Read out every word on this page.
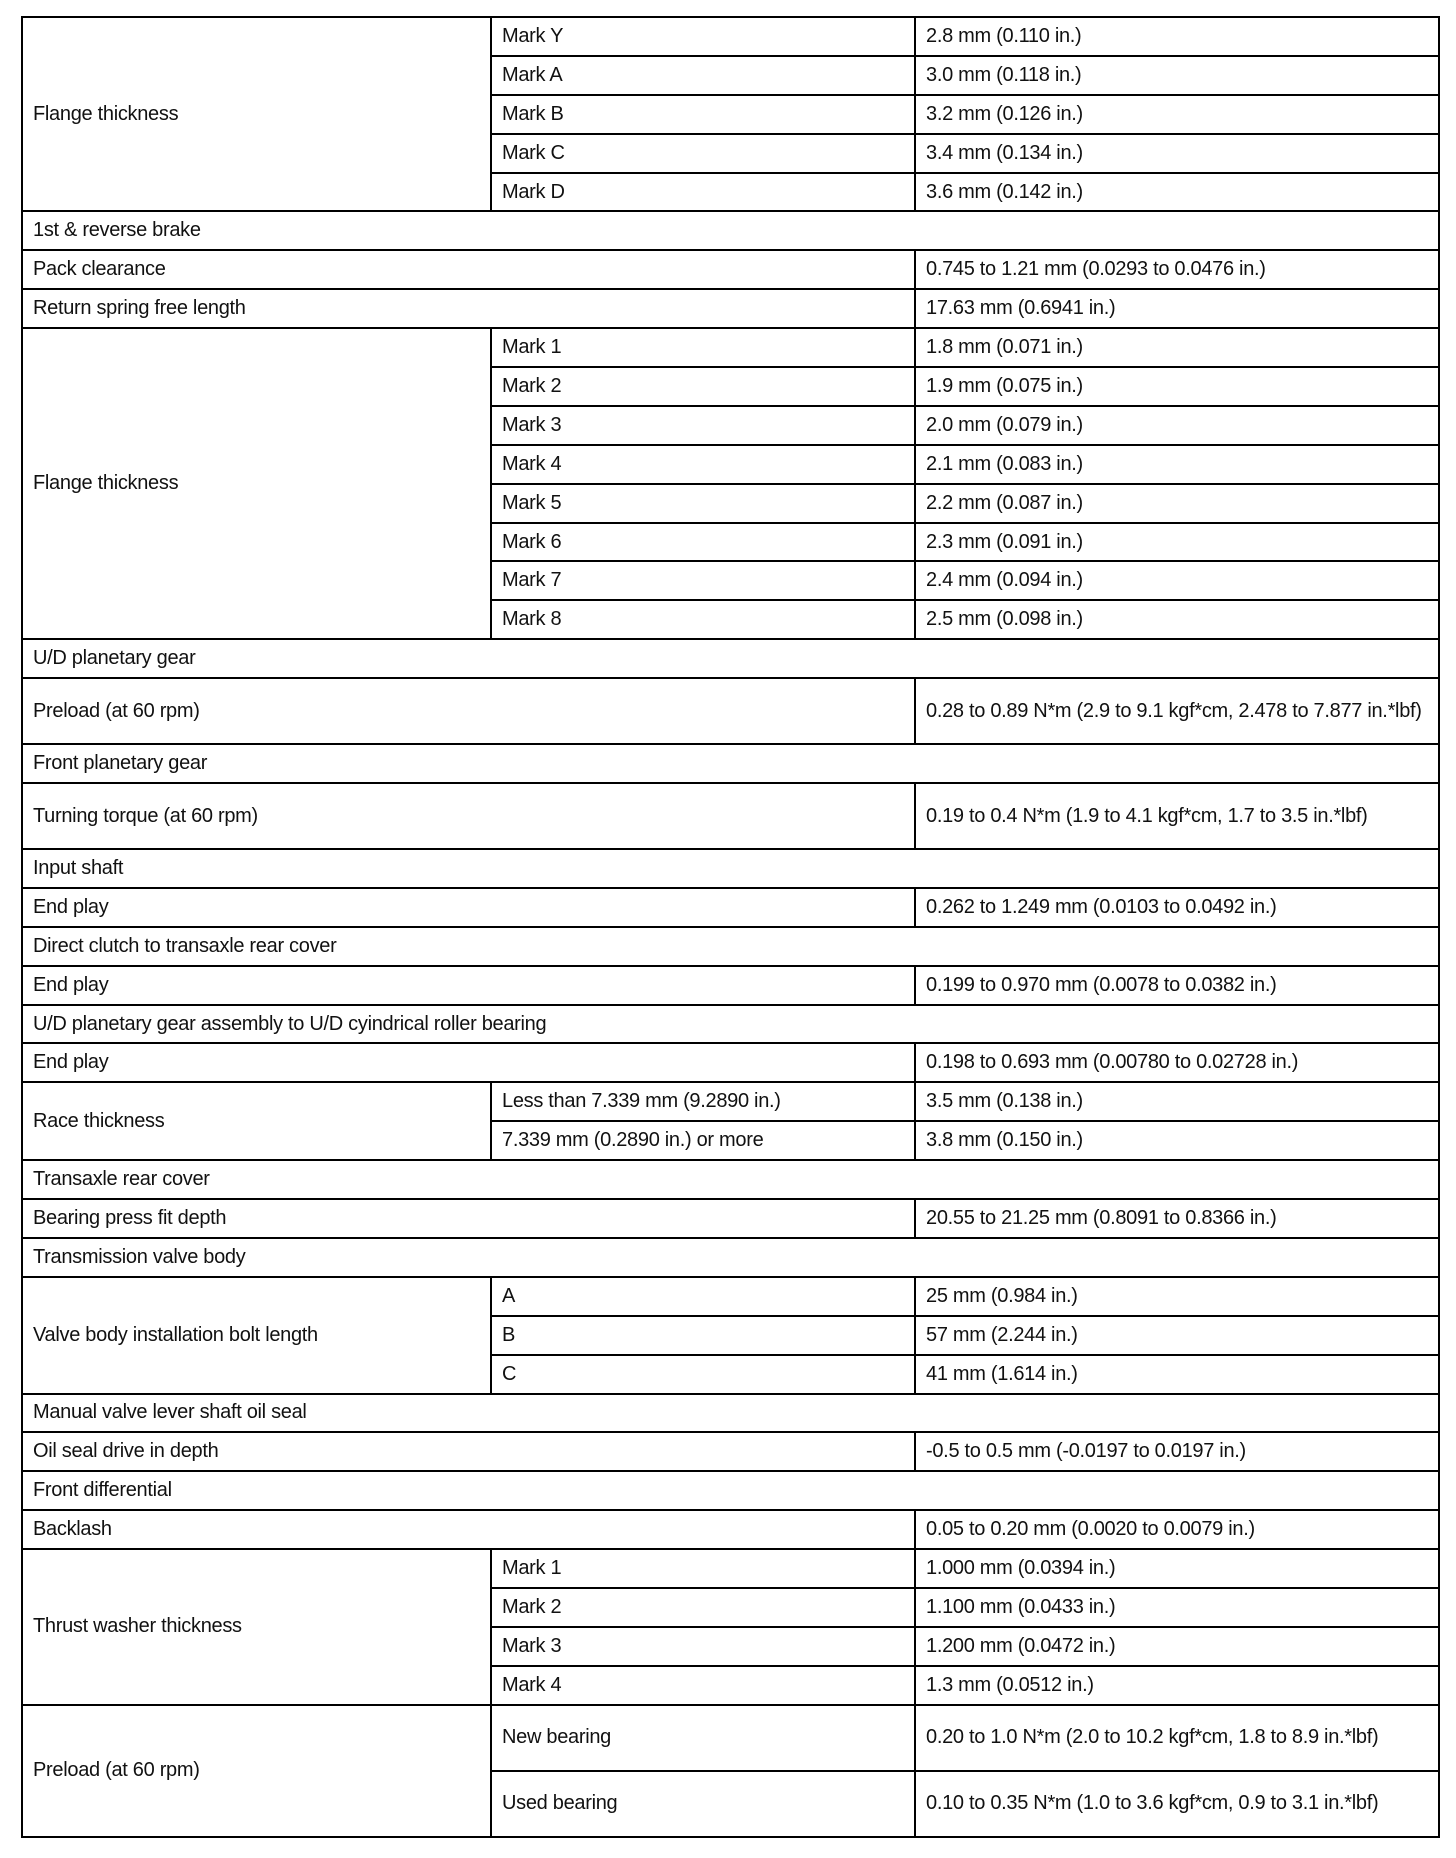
Flange thickness	Mark Y	2.8 mm (0.110 in.)
	Mark A	3.0 mm (0.118 in.)
	Mark B	3.2 mm (0.126 in.)
	Mark C	3.4 mm (0.134 in.)
	Mark D	3.6 mm (0.142 in.)
1st & reverse brake		
Pack clearance		0.745 to 1.21 mm (0.0293 to 0.0476 in.)
Return spring free length		17.63 mm (0.6941 in.)
Flange thickness	Mark 1	1.8 mm (0.071 in.)
	Mark 2	1.9 mm (0.075 in.)
	Mark 3	2.0 mm (0.079 in.)
	Mark 4	2.1 mm (0.083 in.)
	Mark 5	2.2 mm (0.087 in.)
	Mark 6	2.3 mm (0.091 in.)
	Mark 7	2.4 mm (0.094 in.)
	Mark 8	2.5 mm (0.098 in.)
U/D planetary gear		
Preload (at 60 rpm)		0.28 to 0.89 N*m (2.9 to 9.1 kgf*cm, 2.478 to 7.877 in.*lbf)
Front planetary gear		
Turning torque (at 60 rpm)		0.19 to 0.4 N*m (1.9 to 4.1 kgf*cm, 1.7 to 3.5 in.*lbf)
Input shaft		
End play		0.262 to 1.249 mm (0.0103 to 0.0492 in.)
Direct clutch to transaxle rear cover		
End play		0.199 to 0.970 mm (0.0078 to 0.0382 in.)
U/D planetary gear assembly to U/D cyindrical roller bearing		
End play		0.198 to 0.693 mm (0.00780 to 0.02728 in.)
Race thickness	Less than 7.339 mm (9.2890 in.)	3.5 mm (0.138 in.)
	7.339 mm (0.2890 in.) or more	3.8 mm (0.150 in.)
Transaxle rear cover		
Bearing press fit depth		20.55 to 21.25 mm (0.8091 to 0.8366 in.)
Transmission valve body		
Valve body installation bolt length	A	25 mm (0.984 in.)
	B	57 mm (2.244 in.)
	C	41 mm (1.614 in.)
Manual valve lever shaft oil seal		
Oil seal drive in depth		-0.5 to 0.5 mm (-0.0197 to 0.0197 in.)
Front differential		
Backlash		0.05 to 0.20 mm (0.0020 to 0.0079 in.)
Thrust washer thickness	Mark 1	1.000 mm (0.0394 in.)
	Mark 2	1.100 mm (0.0433 in.)
	Mark 3	1.200 mm (0.0472 in.)
	Mark 4	1.3 mm (0.0512 in.)
Preload (at 60 rpm)	New bearing	0.20 to 1.0 N*m (2.0 to 10.2 kgf*cm, 1.8 to 8.9 in.*lbf)
	Used bearing	0.10 to 0.35 N*m (1.0 to 3.6 kgf*cm, 0.9 to 3.1 in.*lbf)
